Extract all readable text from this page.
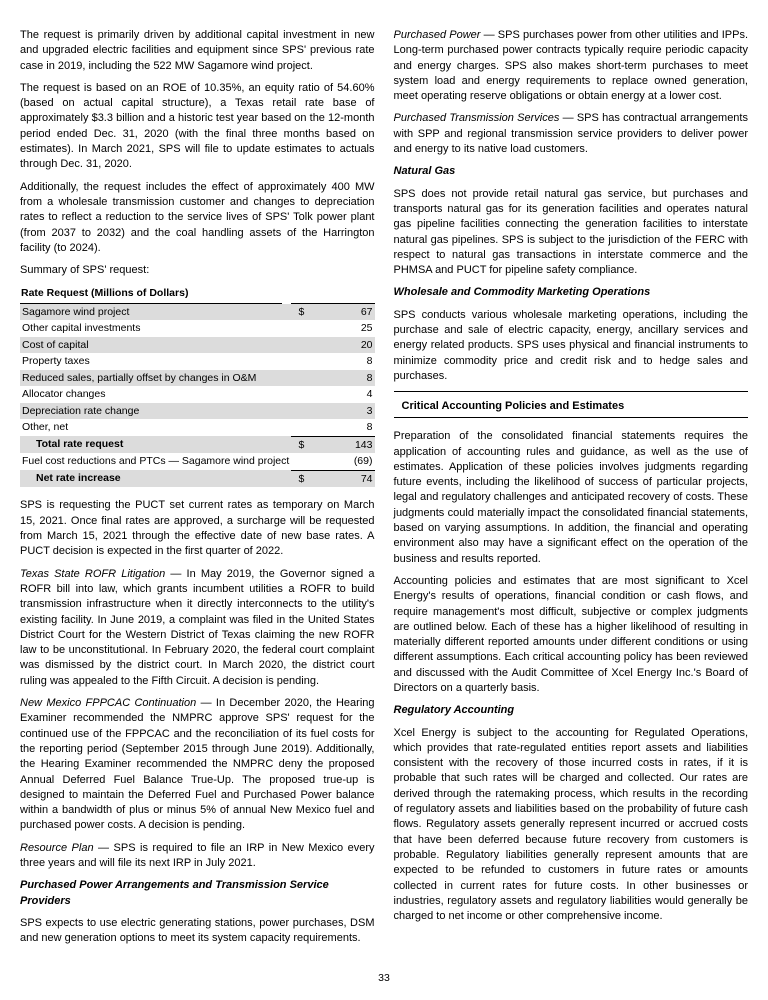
The request is primarily driven by additional capital investment in new and upgraded electric facilities and equipment since SPS' previous rate case in 2019, including the 522 MW Sagamore wind project.

The request is based on an ROE of 10.35%, an equity ratio of 54.60% (based on actual capital structure), a Texas retail rate base of approximately $3.3 billion and a historic test year based on the 12-month period ended Dec. 31, 2020 (with the final three months based on estimates). In March 2021, SPS will file to update estimates to actuals through Dec. 31, 2020.

Additionally, the request includes the effect of approximately 400 MW from a wholesale transmission customer and changes to depreciation rates to reflect a reduction to the service lives of SPS' Tolk power plant (from 2037 to 2032) and the coal handling assets of the Harrington facility (to 2024).

Summary of SPS' request:

Rate Request (Millions of Dollars)
Sagamore wind project	$	67
Other capital investments	25
Cost of capital	20
Property taxes	8
Reduced sales, partially offset by changes in O&M	8
Allocator changes	4
Depreciation rate change	3
Other, net	8
Total rate request	$	143
Fuel cost reductions and PTCs — Sagamore wind project	(69)
Net rate increase	$	74

SPS is requesting the PUCT set current rates as temporary on March 15, 2021. Once final rates are approved, a surcharge will be requested from March 15, 2021 through the effective date of new base rates. A PUCT decision is expected in the first quarter of 2022.

Texas State ROFR Litigation — In May 2019, the Governor signed a ROFR bill into law, which grants incumbent utilities a ROFR to build transmission infrastructure when it directly interconnects to the utility's existing facility. In June 2019, a complaint was filed in the United States District Court for the Western District of Texas claiming the new ROFR law to be unconstitutional. In February 2020, the federal court complaint was dismissed by the district court. In March 2020, the district court ruling was appealed to the Fifth Circuit. A decision is pending.

New Mexico FPPCAC Continuation — In December 2020, the Hearing Examiner recommended the NMPRC approve SPS' request for the continued use of the FPPCAC and the reconciliation of its fuel costs for the reporting period (September 2015 through June 2019). Additionally, the Hearing Examiner recommended the NMPRC deny the proposed Annual Deferred Fuel Balance True-Up. The proposed true-up is designed to maintain the Deferred Fuel and Purchased Power balance within a bandwidth of plus or minus 5% of annual New Mexico fuel and purchased power costs. A decision is pending.

Resource Plan — SPS is required to file an IRP in New Mexico every three years and will file its next IRP in July 2021.

Purchased Power Arrangements and Transmission Service Providers

SPS expects to use electric generating stations, power purchases, DSM and new generation options to meet its system capacity requirements.

Purchased Power — SPS purchases power from other utilities and IPPs. Long-term purchased power contracts typically require periodic capacity and energy charges. SPS also makes short-term purchases to meet system load and energy requirements to replace owned generation, meet operating reserve obligations or obtain energy at a lower cost.

Purchased Transmission Services — SPS has contractual arrangements with SPP and regional transmission service providers to deliver power and energy to its native load customers.

Natural Gas

SPS does not provide retail natural gas service, but purchases and transports natural gas for its generation facilities and operates natural gas pipeline facilities connecting the generation facilities to interstate natural gas pipelines. SPS is subject to the jurisdiction of the FERC with respect to natural gas transactions in interstate commerce and the PHMSA and PUCT for pipeline safety compliance.

Wholesale and Commodity Marketing Operations

SPS conducts various wholesale marketing operations, including the purchase and sale of electric capacity, energy, ancillary services and energy related products. SPS uses physical and financial instruments to minimize commodity price and credit risk and to hedge sales and purchases.

Critical Accounting Policies and Estimates

Preparation of the consolidated financial statements requires the application of accounting rules and guidance, as well as the use of estimates. Application of these policies involves judgments regarding future events, including the likelihood of success of particular projects, legal and regulatory challenges and anticipated recovery of costs. These judgments could materially impact the consolidated financial statements, based on varying assumptions. In addition, the financial and operating environment also may have a significant effect on the operation of the business and results reported.

Accounting policies and estimates that are most significant to Xcel Energy's results of operations, financial condition or cash flows, and require management's most difficult, subjective or complex judgments are outlined below. Each of these has a higher likelihood of resulting in materially different reported amounts under different conditions or using different assumptions. Each critical accounting policy has been reviewed and discussed with the Audit Committee of Xcel Energy Inc.'s Board of Directors on a quarterly basis.

Regulatory Accounting

Xcel Energy is subject to the accounting for Regulated Operations, which provides that rate-regulated entities report assets and liabilities consistent with the recovery of those incurred costs in rates, if it is probable that such rates will be charged and collected. Our rates are derived through the ratemaking process, which results in the recording of regulatory assets and liabilities based on the probability of future cash flows. Regulatory assets generally represent incurred or accrued costs that have been deferred because future recovery from customers is probable. Regulatory liabilities generally represent amounts that are expected to be refunded to customers in future rates or amounts collected in current rates for future costs. In other businesses or industries, regulatory assets and regulatory liabilities would generally be charged to net income or other comprehensive income.

33
